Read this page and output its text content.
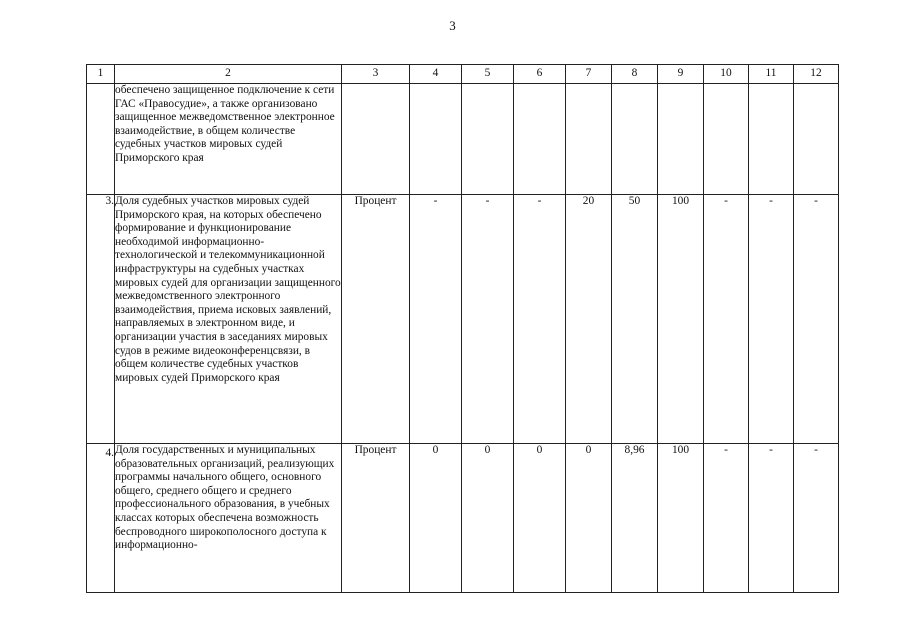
3
1	2	3	4	5	6	7	8	9	10	11	12
	обеспечено защищенное подключение к сети ГАС «Правосудие», а также организовано защищенное межведомственное электронное взаимодействие, в общем количестве судебных участков мировых судей Приморского края										
3.	Доля судебных участков мировых судей Приморского края, на которых обеспечено формирование и функционирование необходимой информационно-технологической и телекоммуникационной инфраструктуры на судебных участках мировых судей для организации защищенного межведомственного электронного взаимодействия, приема исковых заявлений, направляемых в электронном виде, и организации участия в заседаниях мировых судов в режиме видеоконференцсвязи, в общем количестве судебных участков мировых судей Приморского края	Процент	-	-	-	20	50	100	-	-	-
4.	Доля государственных и муниципальных образовательных организаций, реализующих программы начального общего, основного общего, среднего общего и среднего профессионального образования, в учебных классах которых обеспечена возможность беспроводного широкополосного доступа к информационно-	Процент	0	0	0	0	8,96	100	-	-	-
